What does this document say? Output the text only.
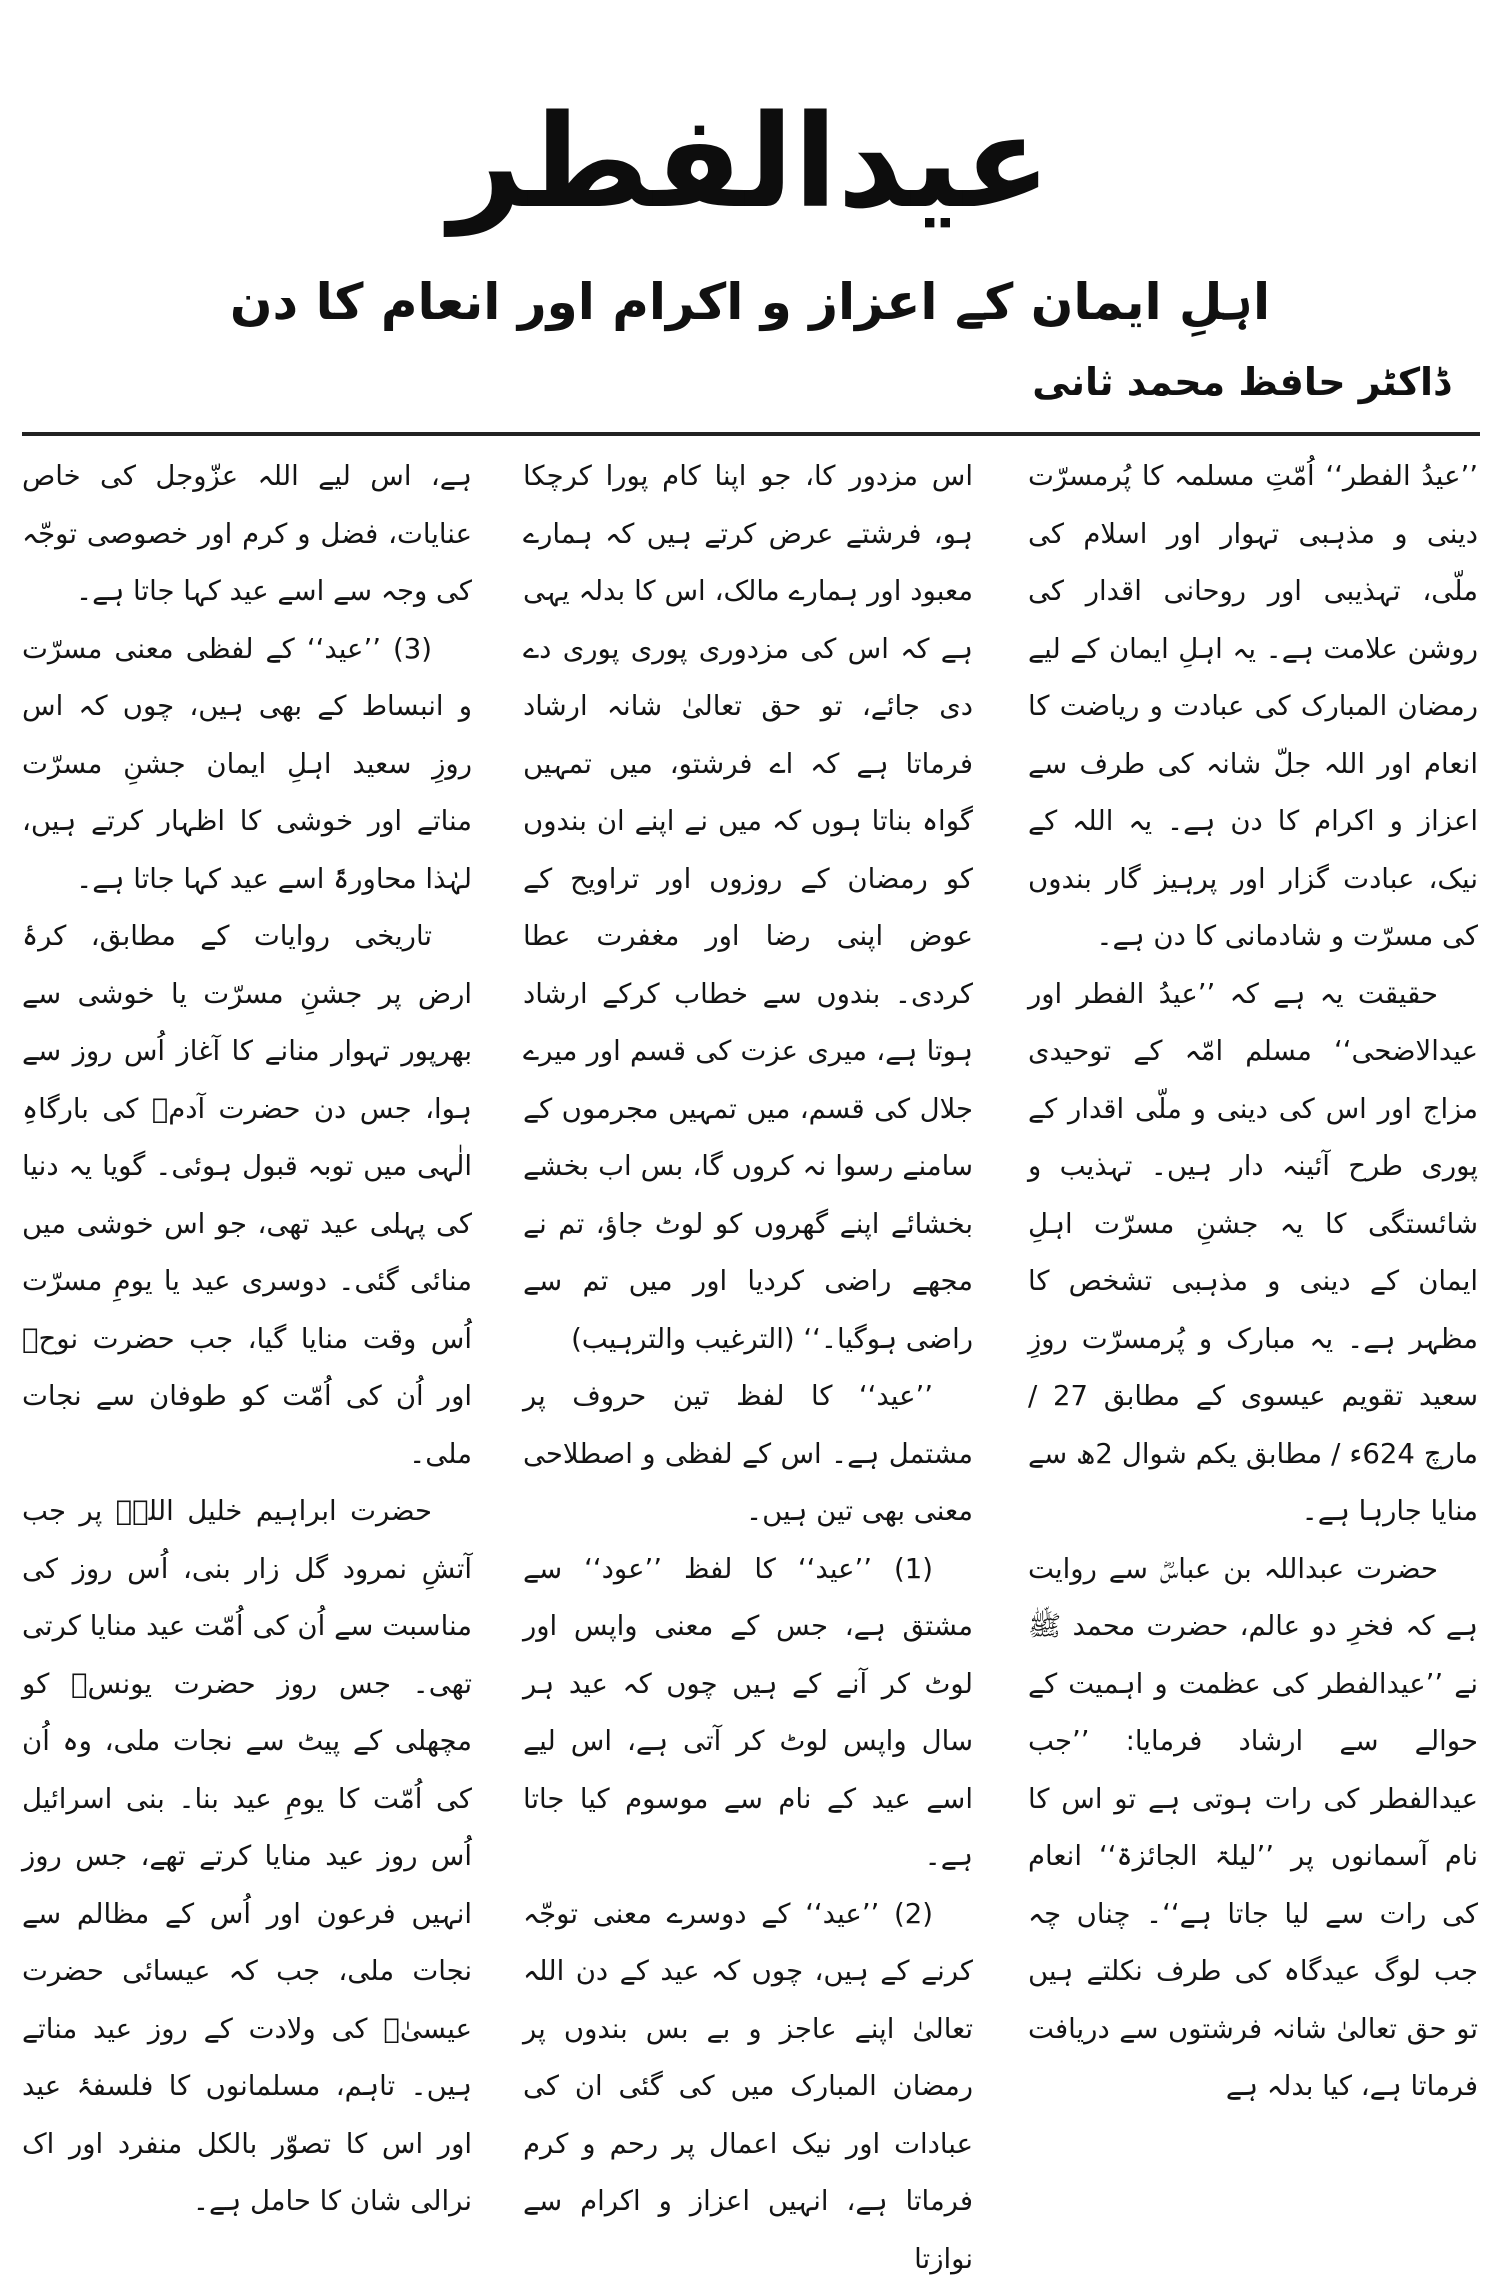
عیدالفطر
اہلِ ایمان کے اعزاز و اکرام اور انعام کا دن
ڈاکٹر حافظ محمد ثانی

’’عیدُ الفطر‘‘ اُمّتِ مسلمہ کا پُرمسرّت دینی و مذہبی تہوار اور اسلام کی ملّی، تہذیبی اور روحانی اقدار کی روشن علامت ہے۔ یہ اہلِ ایمان کے لیے رمضان المبارک کی عبادت و ریاضت کا انعام اور اللہ جلّ شانہ کی طرف سے اعزاز و اکرام کا دن ہے۔ یہ اللہ کے نیک، عبادت گزار اور پرہیز گار بندوں کی مسرّت و شادمانی کا دن ہے۔

حقیقت یہ ہے کہ ’’عیدُ الفطر اور عیدالاضحی‘‘ مسلم امّہ کے توحیدی مزاج اور اس کی دینی و ملّی اقدار کے پوری طرح آئینہ دار ہیں۔ تہذیب و شائستگی کا یہ جشنِ مسرّت اہلِ ایمان کے دینی و مذہبی تشخص کا مظہر ہے۔ یہ مبارک و پُرمسرّت روزِ سعید تقویم عیسوی کے مطابق 27 / مارچ 624ء / مطابق یکم شوال 2ھ سے منایا جارہا ہے۔

حضرت عبداللہ بن عباسؓ سے روایت ہے کہ فخرِ دو عالم، حضرت محمد ﷺ نے ’’عیدالفطر کی عظمت و اہمیت کے حوالے سے ارشاد فرمایا: ’’جب عیدالفطر کی رات ہوتی ہے تو اس کا نام آسمانوں پر ’’لیلۃ الجائزۃ‘‘ انعام کی رات سے لیا جاتا ہے‘‘۔ چناں چہ جب لوگ عیدگاہ کی طرف نکلتے ہیں تو حق تعالیٰ شانہ فرشتوں سے دریافت فرماتا ہے، کیا بدلہ ہے

اس مزدور کا، جو اپنا کام پورا کرچکا ہو، فرشتے عرض کرتے ہیں کہ ہمارے معبود اور ہمارے مالک، اس کا بدلہ یہی ہے کہ اس کی مزدوری پوری پوری دے دی جائے، تو حق تعالیٰ شانہ ارشاد فرماتا ہے کہ اے فرشتو، میں تمہیں گواہ بناتا ہوں کہ میں نے اپنے ان بندوں کو رمضان کے روزوں اور تراویح کے عوض اپنی رضا اور مغفرت عطا کردی۔ بندوں سے خطاب کرکے ارشاد ہوتا ہے، میری عزت کی قسم اور میرے جلال کی قسم، میں تمہیں مجرموں کے سامنے رسوا نہ کروں گا، بس اب بخشے بخشائے اپنے گھروں کو لوٹ جاؤ، تم نے مجھے راضی کردیا اور میں تم سے راضی ہوگیا۔‘‘ (الترغیب والترہیب)

’’عید‘‘ کا لفظ تین حروف پر مشتمل ہے۔ اس کے لفظی و اصطلاحی معنی بھی تین ہیں۔

(1) ’’عید‘‘ کا لفظ ’’عود‘‘ سے مشتق ہے، جس کے معنی واپس اور لوٹ کر آنے کے ہیں چوں کہ عید ہر سال واپس لوٹ کر آتی ہے، اس لیے اسے عید کے نام سے موسوم کیا جاتا ہے۔

(2) ’’عید‘‘ کے دوسرے معنی توجّہ کرنے کے ہیں، چوں کہ عید کے دن اللہ تعالیٰ اپنے عاجز و بے بس بندوں پر رمضان المبارک میں کی گئی ان کی عبادات اور نیک اعمال پر رحم و کرم فرماتا ہے، انہیں اعزاز و اکرام سے نوازتا

ہے، اس لیے اللہ عزّوجل کی خاص عنایات، فضل و کرم اور خصوصی توجّہ کی وجہ سے اسے عید کہا جاتا ہے۔

(3) ’’عید‘‘ کے لفظی معنی مسرّت و انبساط کے بھی ہیں، چوں کہ اس روزِ سعید اہلِ ایمان جشنِ مسرّت مناتے اور خوشی کا اظہار کرتے ہیں، لہٰذا محاورۃً اسے عید کہا جاتا ہے۔

تاریخی روایات کے مطابق، کرۂ ارض پر جشنِ مسرّت یا خوشی سے بھرپور تہوار منانے کا آغاز اُس روز سے ہوا، جس دن حضرت آدمؑ کی بارگاہِ الٰہی میں توبہ قبول ہوئی۔ گویا یہ دنیا کی پہلی عید تھی، جو اس خوشی میں منائی گئی۔ دوسری عید یا یومِ مسرّت اُس وقت منایا گیا، جب حضرت نوحؑ اور اُن کی اُمّت کو طوفان سے نجات ملی۔

حضرت ابراہیم خلیل اللہؑ پر جب آتشِ نمرود گل زار بنی، اُس روز کی مناسبت سے اُن کی اُمّت عید منایا کرتی تھی۔ جس روز حضرت یونسؑ کو مچھلی کے پیٹ سے نجات ملی، وہ اُن کی اُمّت کا یومِ عید بنا۔ بنی اسرائیل اُس روز عید منایا کرتے تھے، جس روز انہیں فرعون اور اُس کے مظالم سے نجات ملی، جب کہ عیسائی حضرت عیسیٰؑ کی ولادت کے روز عید مناتے ہیں۔ تاہم، مسلمانوں کا فلسفۂ عید اور اس کا تصوّر بالکل منفرد اور اک نرالی شان کا حامل ہے۔
